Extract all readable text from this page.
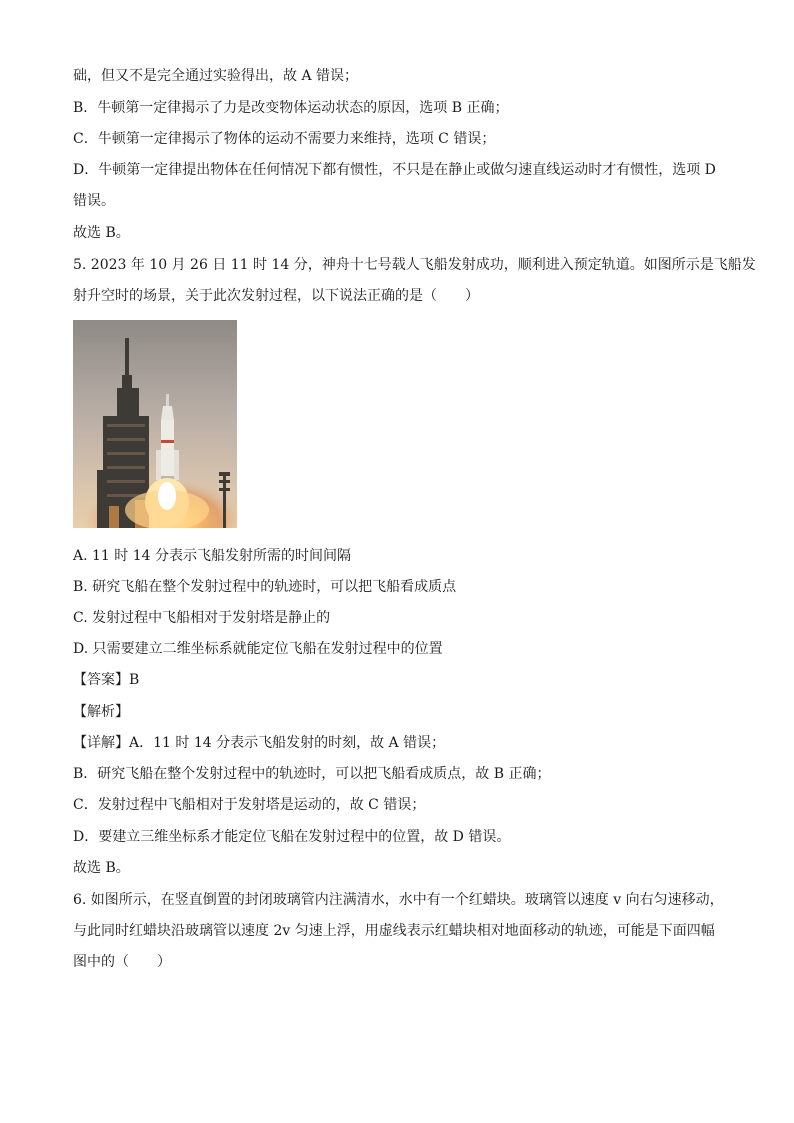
础，但又不是完全通过实验得出，故 A 错误；
B．牛顿第一定律揭示了力是改变物体运动状态的原因，选项 B 正确；
C．牛顿第一定律揭示了物体的运动不需要力来维持，选项 C 错误；
D．牛顿第一定律提出物体在任何情况下都有惯性，不只是在静止或做匀速直线运动时才有惯性，选项 D
错误。
故选 B。
5. 2023 年 10 月 26 日 11 时 14 分，神舟十七号载人飞船发射成功，顺利进入预定轨道。如图所示是飞船发
射升空时的场景，关于此次发射过程，以下说法正确的是（　　）
A. 11 时 14 分表示飞船发射所需的时间间隔
B. 研究飞船在整个发射过程中的轨迹时，可以把飞船看成质点
C. 发射过程中飞船相对于发射塔是静止的
D. 只需要建立二维坐标系就能定位飞船在发射过程中的位置
【答案】B
【解析】
【详解】A．11 时 14 分表示飞船发射的时刻，故 A 错误；
B．研究飞船在整个发射过程中的轨迹时，可以把飞船看成质点，故 B 正确；
C．发射过程中飞船相对于发射塔是运动的，故 C 错误；
D．要建立三维坐标系才能定位飞船在发射过程中的位置，故 D 错误。
故选 B。
6. 如图所示，在竖直倒置的封闭玻璃管内注满清水，水中有一个红蜡块。玻璃管以速度 v 向右匀速移动，
与此同时红蜡块沿玻璃管以速度 2v 匀速上浮，用虚线表示红蜡块相对地面移动的轨迹，可能是下面四幅
图中的（　　）
